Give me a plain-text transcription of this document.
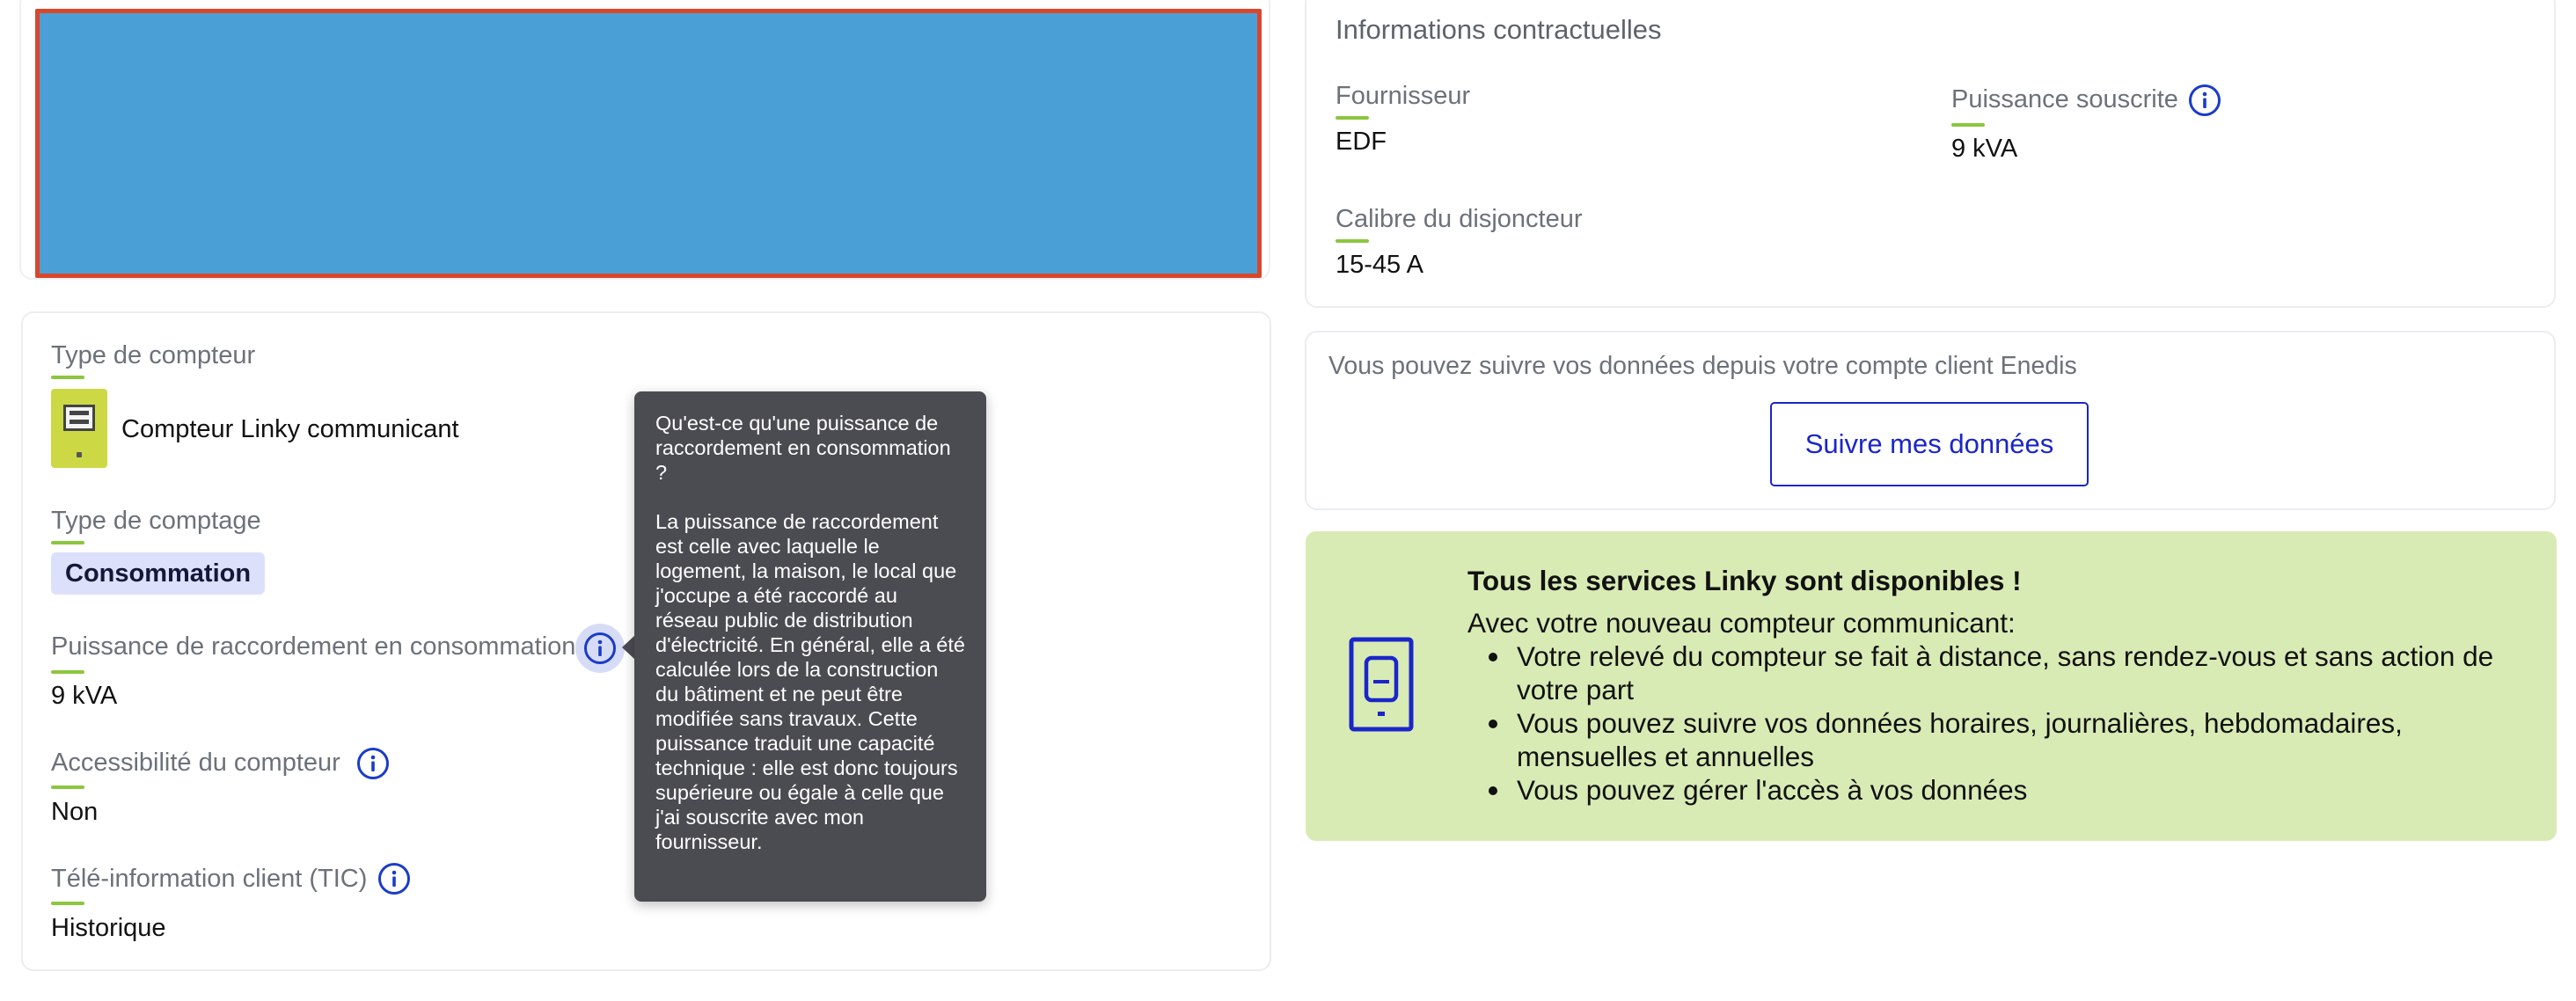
Type de compteur
Compteur Linky communicant
Type de comptage
Consommation
Puissance de raccordement en consommation
9 kVA
Accessibilité du compteur
Non
Télé-information client (TIC)
Historique
Qu'est-ce qu'une puissance de raccordement en consommation ?
La puissance de raccordement est celle avec laquelle le logement, la maison, le local que j'occupe a été raccordé au réseau public de distribution d'électricité. En général, elle a été calculée lors de la construction du bâtiment et ne peut être modifiée sans travaux. Cette puissance traduit une capacité technique : elle est donc toujours supérieure ou égale à celle que j'ai souscrite avec mon fournisseur.
Informations contractuelles
Fournisseur
EDF
Puissance souscrite
9 kVA
Calibre du disjoncteur
15-45 A
Vous pouvez suivre vos données depuis votre compte client Enedis
Suivre mes données
Tous les services Linky sont disponibles !
Avec votre nouveau compteur communicant:
Votre relevé du compteur se fait à distance, sans rendez-vous et sans action de votre part
Vous pouvez suivre vos données horaires, journalières, hebdomadaires, mensuelles et annuelles
Vous pouvez gérer l'accès à vos données
